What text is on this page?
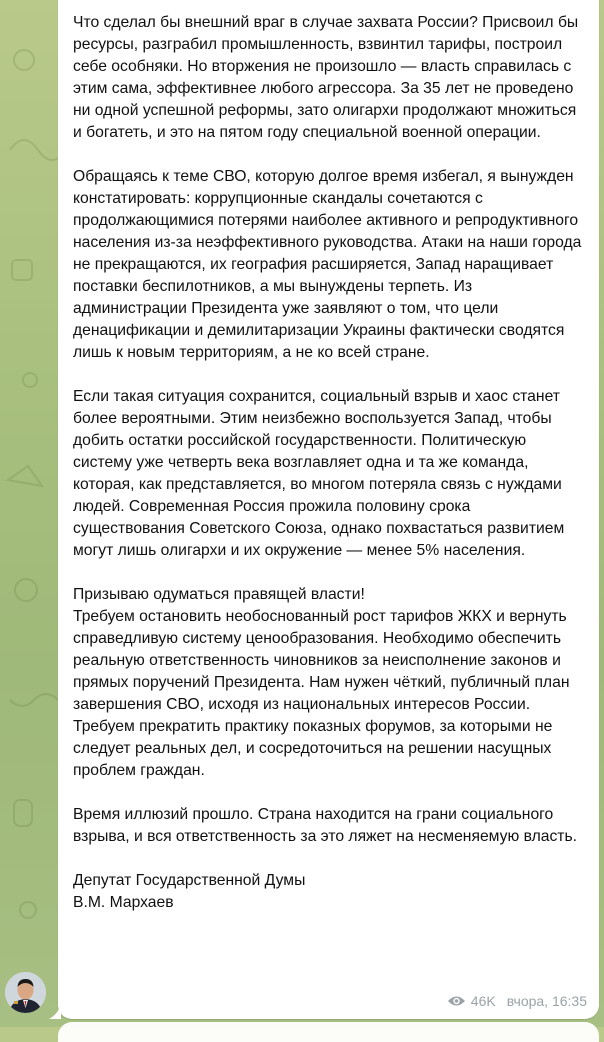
Что сделал бы внешний враг в случае захвата России? Присвоил бы ресурсы, разграбил промышленность, взвинтил тарифы, построил себе особняки. Но вторжения не произошло — власть справилась с этим сама, эффективнее любого агрессора. За 35 лет не проведено ни одной успешной реформы, зато олигархи продолжают множиться и богатеть, и это на пятом году специальной военной операции.

Обращаясь к теме СВО, которую долгое время избегал, я вынужден констатировать: коррупционные скандалы сочетаются с продолжающимися потерями наиболее активного и репродуктивного населения из-за неэффективного руководства. Атаки на наши города не прекращаются, их география расширяется, Запад наращивает поставки беспилотников, а мы вынуждены терпеть. Из администрации Президента уже заявляют о том, что цели денацификации и демилитаризации Украины фактически сводятся лишь к новым территориям, а не ко всей стране.

Если такая ситуация сохранится, социальный взрыв и хаос станет более вероятными. Этим неизбежно воспользуется Запад, чтобы добить остатки российской государственности. Политическую систему уже четверть века возглавляет одна и та же команда, которая, как представляется, во многом потеряла связь с нуждами людей. Современная Россия прожила половину срока существования Советского Союза, однако похвастаться развитием могут лишь олигархи и их окружение — менее 5% населения.

Призываю одуматься правящей власти!
Требуем остановить необоснованный рост тарифов ЖКХ и вернуть справедливую систему ценообразования. Необходимо обеспечить реальную ответственность чиновников за неисполнение законов и прямых поручений Президента. Нам нужен чёткий, публичный план завершения СВО, исходя из национальных интересов России. Требуем прекратить практику показных форумов, за которыми не следует реальных дел, и сосредоточиться на решении насущных проблем граждан.

Время иллюзий прошло. Страна находится на грани социального взрыва, и вся ответственность за это ляжет на несменяемую власть.

Депутат Государственной Думы
В.М. Мархаев

46K вчора, 16:35
